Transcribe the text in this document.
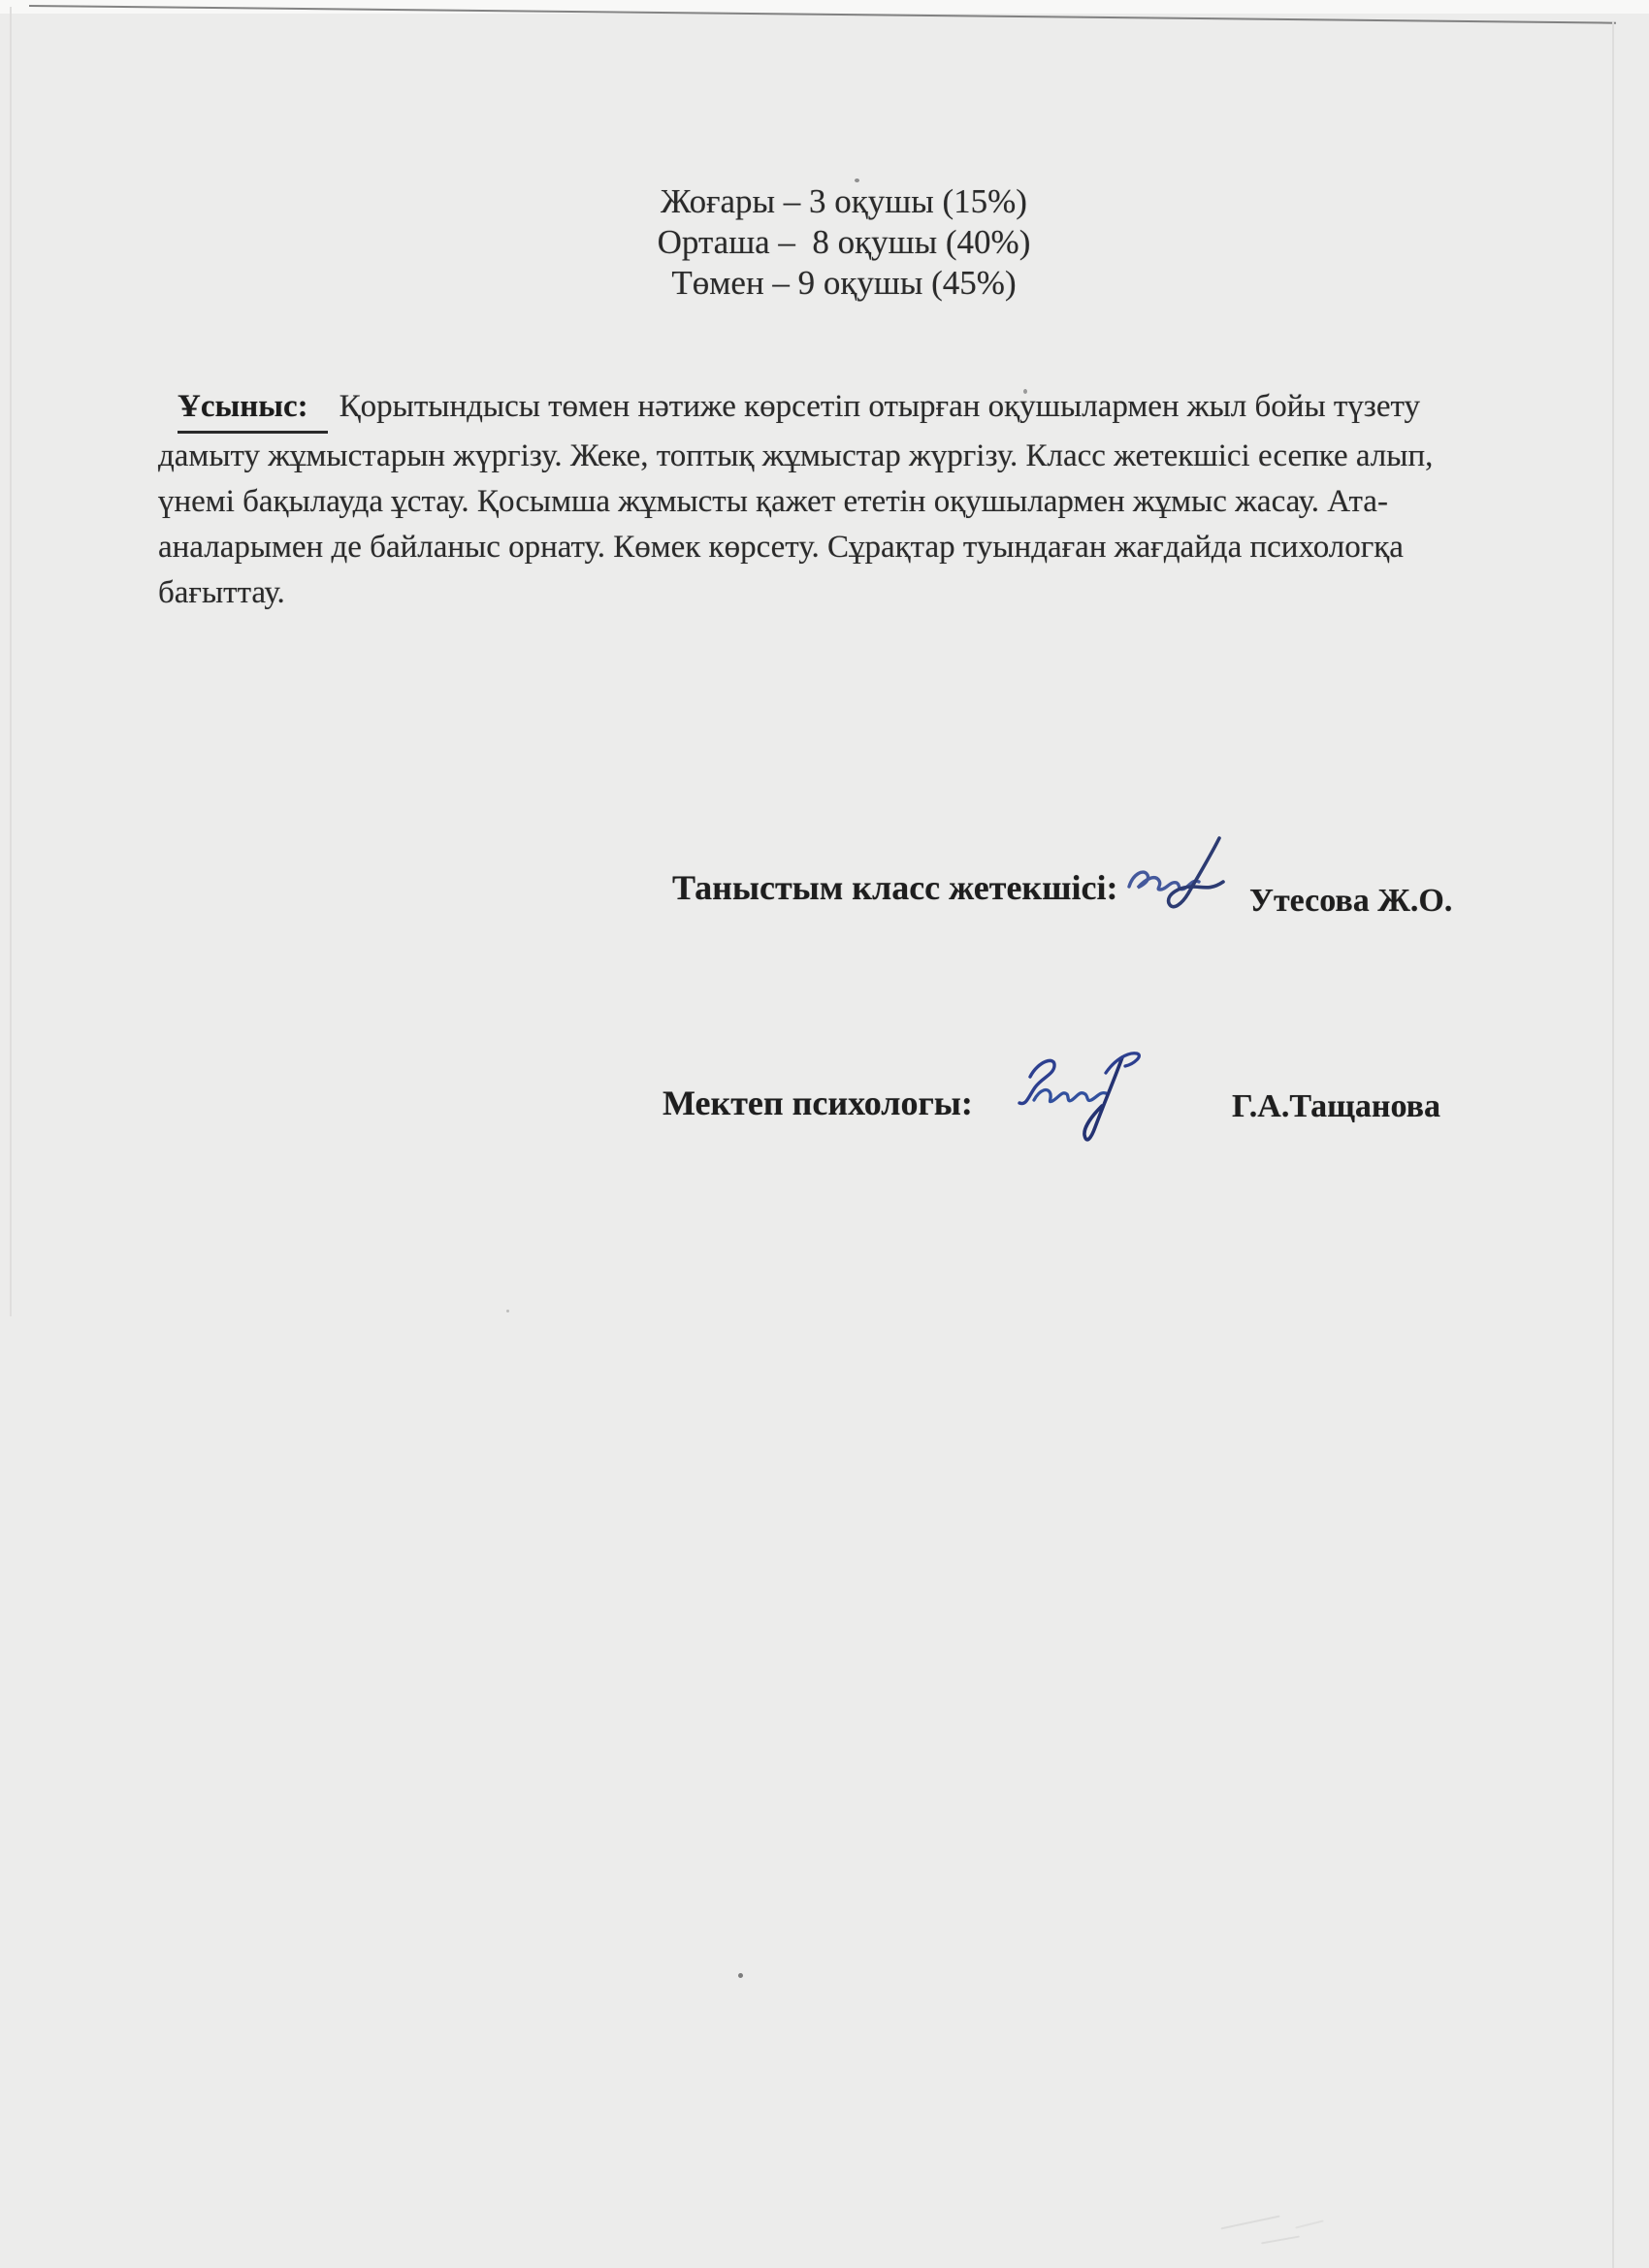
Жоғары – 3 оқушы (15%)
Орташа –  8 оқушы (40%)
Төмен – 9 оқушы (45%)
Ұсыныс: Қорытындысы төмен нәтиже көрсетіп отырған оқушылармен жыл бойы түзету
дамыту жұмыстарын жүргізу. Жеке, топтық жұмыстар жүргізу. Класс жетекшісі есепке алып,
үнемі бақылауда ұстау. Қосымша жұмысты қажет ететін оқушылармен жұмыс жасау. Ата-
аналарымен де байланыс орнату. Көмек көрсету. Сұрақтар туындаған жағдайда психологқа
бағыттау.
Таныстым класс жетекшісі:	Утесова Ж.О.
Мектеп психологы:	Г.А.Тащанова
